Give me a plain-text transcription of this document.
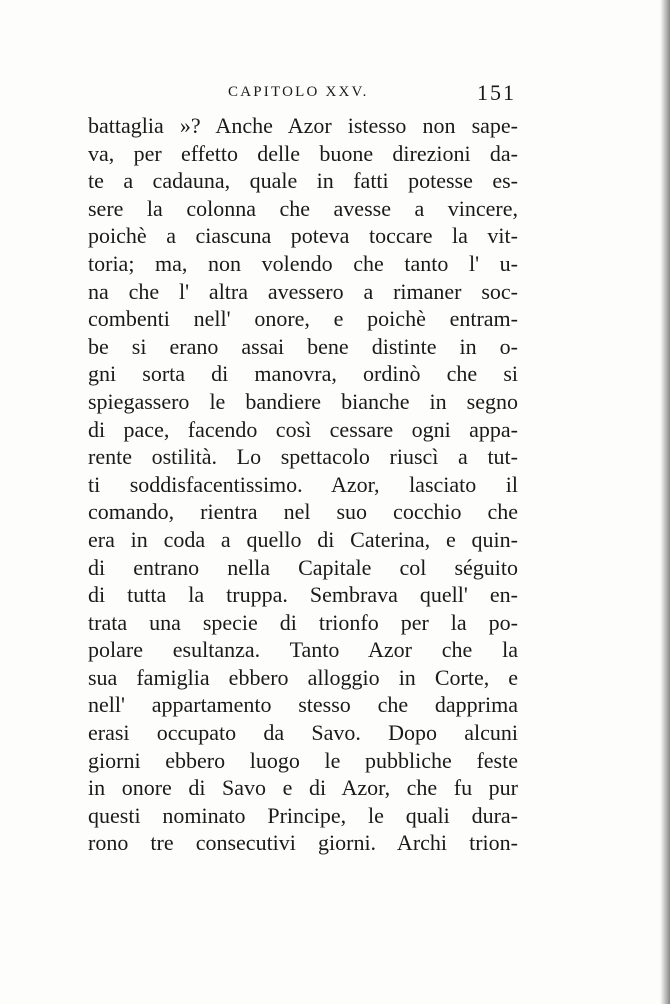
CAPITOLO XXV.	151
battaglia »? Anche Azor istesso non sape-
va, per effetto delle buone direzioni da-
te a cadauna, quale in fatti potesse es-
sere la colonna che avesse a vincere,
poichè a ciascuna poteva toccare la vit-
toria; ma, non volendo che tanto l' u-
na che l' altra avessero a rimaner soc-
combenti nell' onore, e poichè entram-
be si erano assai bene distinte in o-
gni sorta di manovra, ordinò che si
spiegassero le bandiere bianche in segno
di pace, facendo così cessare ogni appa-
rente ostilità. Lo spettacolo riuscì a tut-
ti soddisfacentissimo. Azor, lasciato il
comando, rientra nel suo cocchio che
era in coda a quello di Caterina, e quin-
di entrano nella Capitale col séguito
di tutta la truppa. Sembrava quell' en-
trata una specie di trionfo per la po-
polare esultanza. Tanto Azor che la
sua famiglia ebbero alloggio in Corte, e
nell' appartamento stesso che dapprima
erasi occupato da Savo. Dopo alcuni
giorni ebbero luogo le pubbliche feste
in onore di Savo e di Azor, che fu pur
questi nominato Principe, le quali dura-
rono tre consecutivi giorni. Archi trion-
